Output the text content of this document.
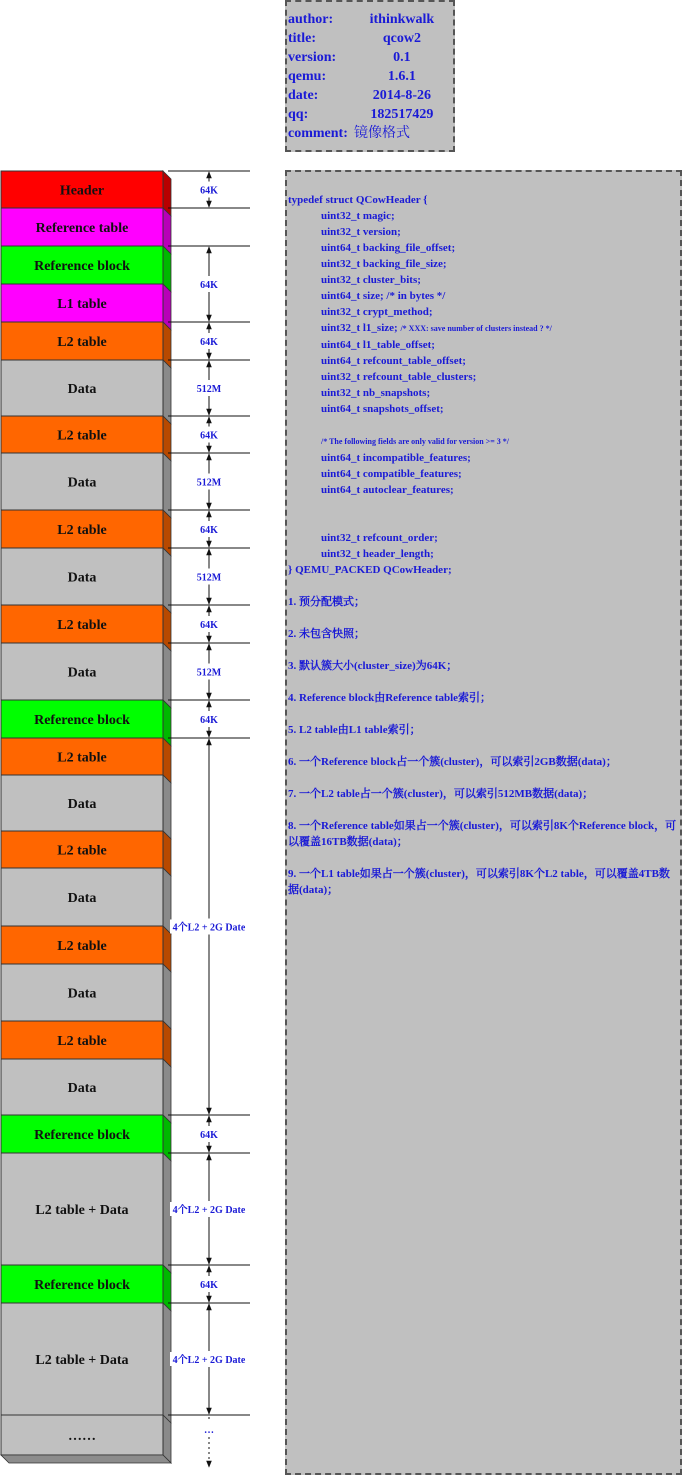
Header
Reference table
Reference block
L1 table
L2 table
Data
L2 table
Data
L2 table
Data
L2 table
Data
Reference block
L2 table
Data
L2 table
Data
L2 table
Data
L2 table
Data
Reference block
L2 table + Data
Reference block
L2 table + Data
……
64K
64K
64K
512M
64K
512M
64K
512M
64K
512M
64K
4个L2 + 2G Date
64K
4个L2 + 2G Date
64K
4个L2 + 2G Date
…
author:	ithinkwalk
title:	qcow2
version:	0.1
qemu:	1.6.1
date:	2014-8-26
qq:	182517429
comment: 镜像格式

typedef struct QCowHeader {
uint32_t magic;
uint32_t version;
uint64_t backing_file_offset;
uint32_t backing_file_size;
uint32_t cluster_bits;
uint64_t size; /* in bytes */
uint32_t crypt_method;
uint32_t l1_size; /* XXX: save number of clusters instead ? */
uint64_t l1_table_offset;
uint64_t refcount_table_offset;
uint32_t refcount_table_clusters;
uint32_t nb_snapshots;
uint64_t snapshots_offset;

/* The following fields are only valid for version >= 3 */
uint64_t incompatible_features;
uint64_t compatible_features;
uint64_t autoclear_features;

uint32_t refcount_order;
uint32_t header_length;
} QEMU_PACKED QCowHeader;

1. 预分配模式；

2. 未包含快照；

3. 默认簇大小(cluster_size)为64K；

4. Reference block由Reference table索引；

5. L2 table由L1 table索引；

6. 一个Reference block占一个簇(cluster)，可以索引2GB数据(data)；

7. 一个L2 table占一个簇(cluster)，可以索引512MB数据(data)；

8. 一个Reference table如果占一个簇(cluster)，可以索引8K个Reference block，可以覆盖16TB数据(data)；

9. 一个L1 table如果占一个簇(cluster)，可以索引8K个L2 table，可以覆盖4TB数据(data)；
